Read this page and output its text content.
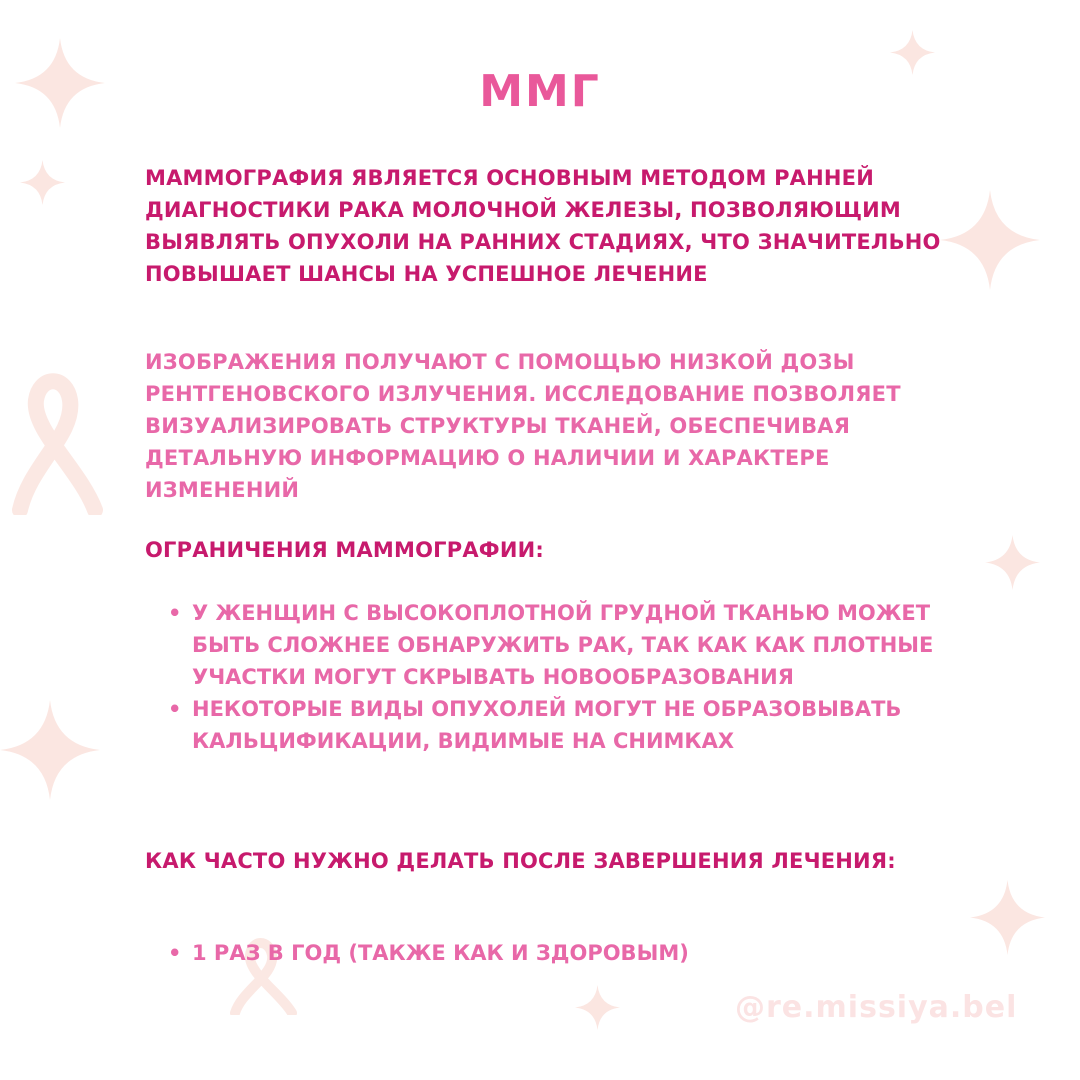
ММГ

МАММОГРАФИЯ ЯВЛЯЕТСЯ ОСНОВНЫМ МЕТОДОМ РАННЕЙ ДИАГНОСТИКИ РАКА МОЛОЧНОЙ ЖЕЛЕЗЫ, ПОЗВОЛЯЮЩИМ ВЫЯВЛЯТЬ ОПУХОЛИ НА РАННИХ СТАДИЯХ, ЧТО ЗНАЧИТЕЛЬНО ПОВЫШАЕТ ШАНСЫ НА УСПЕШНОЕ ЛЕЧЕНИЕ

ИЗОБРАЖЕНИЯ ПОЛУЧАЮТ С ПОМОЩЬЮ НИЗКОЙ ДОЗЫ РЕНТГЕНОВСКОГО ИЗЛУЧЕНИЯ. ИССЛЕДОВАНИЕ ПОЗВОЛЯЕТ ВИЗУАЛИЗИРОВАТЬ СТРУКТУРЫ ТКАНЕЙ, ОБЕСПЕЧИВАЯ ДЕТАЛЬНУЮ ИНФОРМАЦИЮ О НАЛИЧИИ И ХАРАКТЕРЕ ИЗМЕНЕНИЙ

ОГРАНИЧЕНИЯ МАММОГРАФИИ:

• У ЖЕНЩИН С ВЫСОКОПЛОТНОЙ ГРУДНОЙ ТКАНЬЮ МОЖЕТ БЫТЬ СЛОЖНЕЕ ОБНАРУЖИТЬ РАК, ТАК КАК КАК ПЛОТНЫЕ УЧАСТКИ МОГУТ СКРЫВАТЬ НОВООБРАЗОВАНИЯ
• НЕКОТОРЫЕ ВИДЫ ОПУХОЛЕЙ МОГУТ НЕ ОБРАЗОВЫВАТЬ КАЛЬЦИФИКАЦИИ, ВИДИМЫЕ НА СНИМКАХ

КАК ЧАСТО НУЖНО ДЕЛАТЬ ПОСЛЕ ЗАВЕРШЕНИЯ ЛЕЧЕНИЯ:

• 1 РАЗ В ГОД (ТАКЖЕ КАК И ЗДОРОВЫМ)
@re.missiya.bel
